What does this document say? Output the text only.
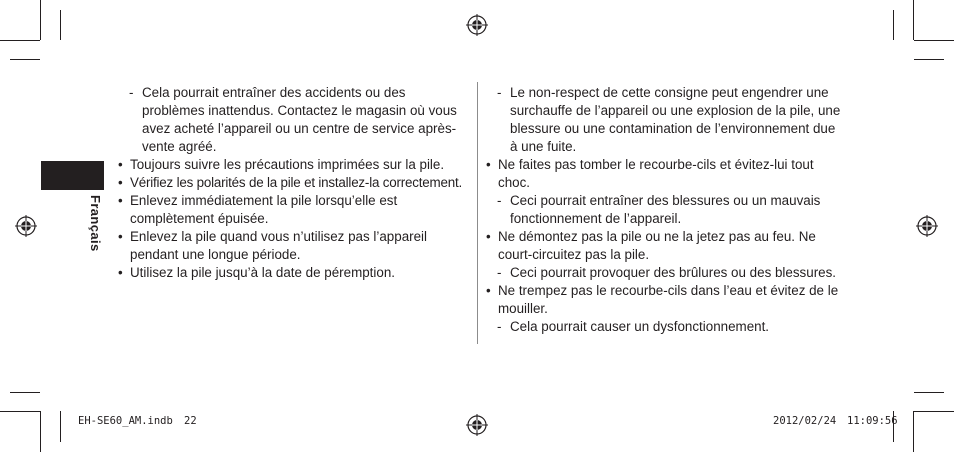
Français

- Cela pourrait entraîner des accidents ou des problèmes inattendus. Contactez le magasin où vous avez acheté l’appareil ou un centre de service après-vente agréé.

• Toujours suivre les précautions imprimées sur la pile.

• Vérifiez les polarités de la pile et installez-la correctement.

• Enlevez immédiatement la pile lorsqu’elle est complètement épuisée.

• Enlevez la pile quand vous n’utilisez pas l’appareil pendant une longue période.

• Utilisez la pile jusqu’à la date de péremption.

- Le non-respect de cette consigne peut engendrer une surchauffe de l’appareil ou une explosion de la pile, une blessure ou une contamination de l’environnement due à une fuite.

• Ne faites pas tomber le recourbe-cils et évitez-lui tout choc.

- Ceci pourrait entraîner des blessures ou un mauvais fonctionnement de l’appareil.

• Ne démontez pas la pile ou ne la jetez pas au feu. Ne court-circuitez pas la pile.

- Ceci pourrait provoquer des brûlures ou des blessures.

• Ne trempez pas le recourbe-cils dans l’eau et évitez de le mouiller.

- Cela pourrait causer un dysfonctionnement.

EH-SE60_AM.indb 22	2012/02/24 11:09:56
